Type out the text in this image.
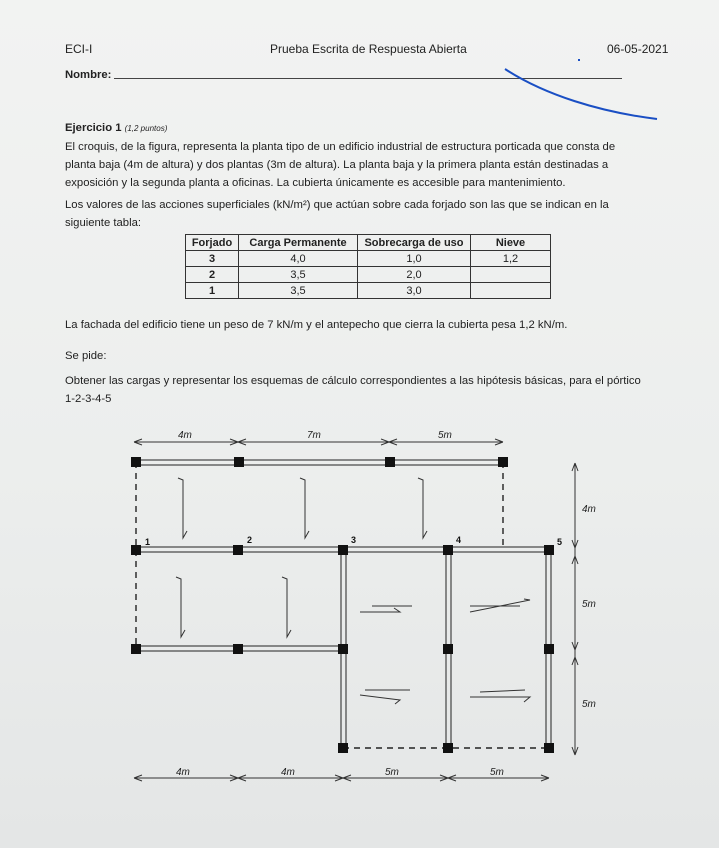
ECI-I	Prueba Escrita de Respuesta Abierta	06-05-2021
Nombre:
Ejercicio 1 (1,2 puntos)
El croquis, de la figura, representa la planta tipo de un edificio industrial de estructura porticada que consta de
planta baja (4m de altura) y dos plantas (3m de altura). La planta baja y la primera planta están destinadas a
exposición y la segunda planta a oficinas. La cubierta únicamente es accesible para mantenimiento.
Los valores de las acciones superficiales (kN/m²) que actúan sobre cada forjado son las que se indican en la
siguiente tabla:
Forjado	Carga Permanente	Sobrecarga de uso	Nieve
3	4,0	1,0	1,2
2	3,5	2,0	
1	3,5	3,0	
La fachada del edificio tiene un peso de 7 kN/m y el antepecho que cierra la cubierta pesa 1,2 kN/m.
Se pide:
Obtener las cargas y representar los esquemas de cálculo correspondientes a las hipótesis básicas, para el pórtico
1-2-3-4-5
4m	7m	5m
4m	4m	5m	5m
4m
5m
5m
1	2	3	4	5
